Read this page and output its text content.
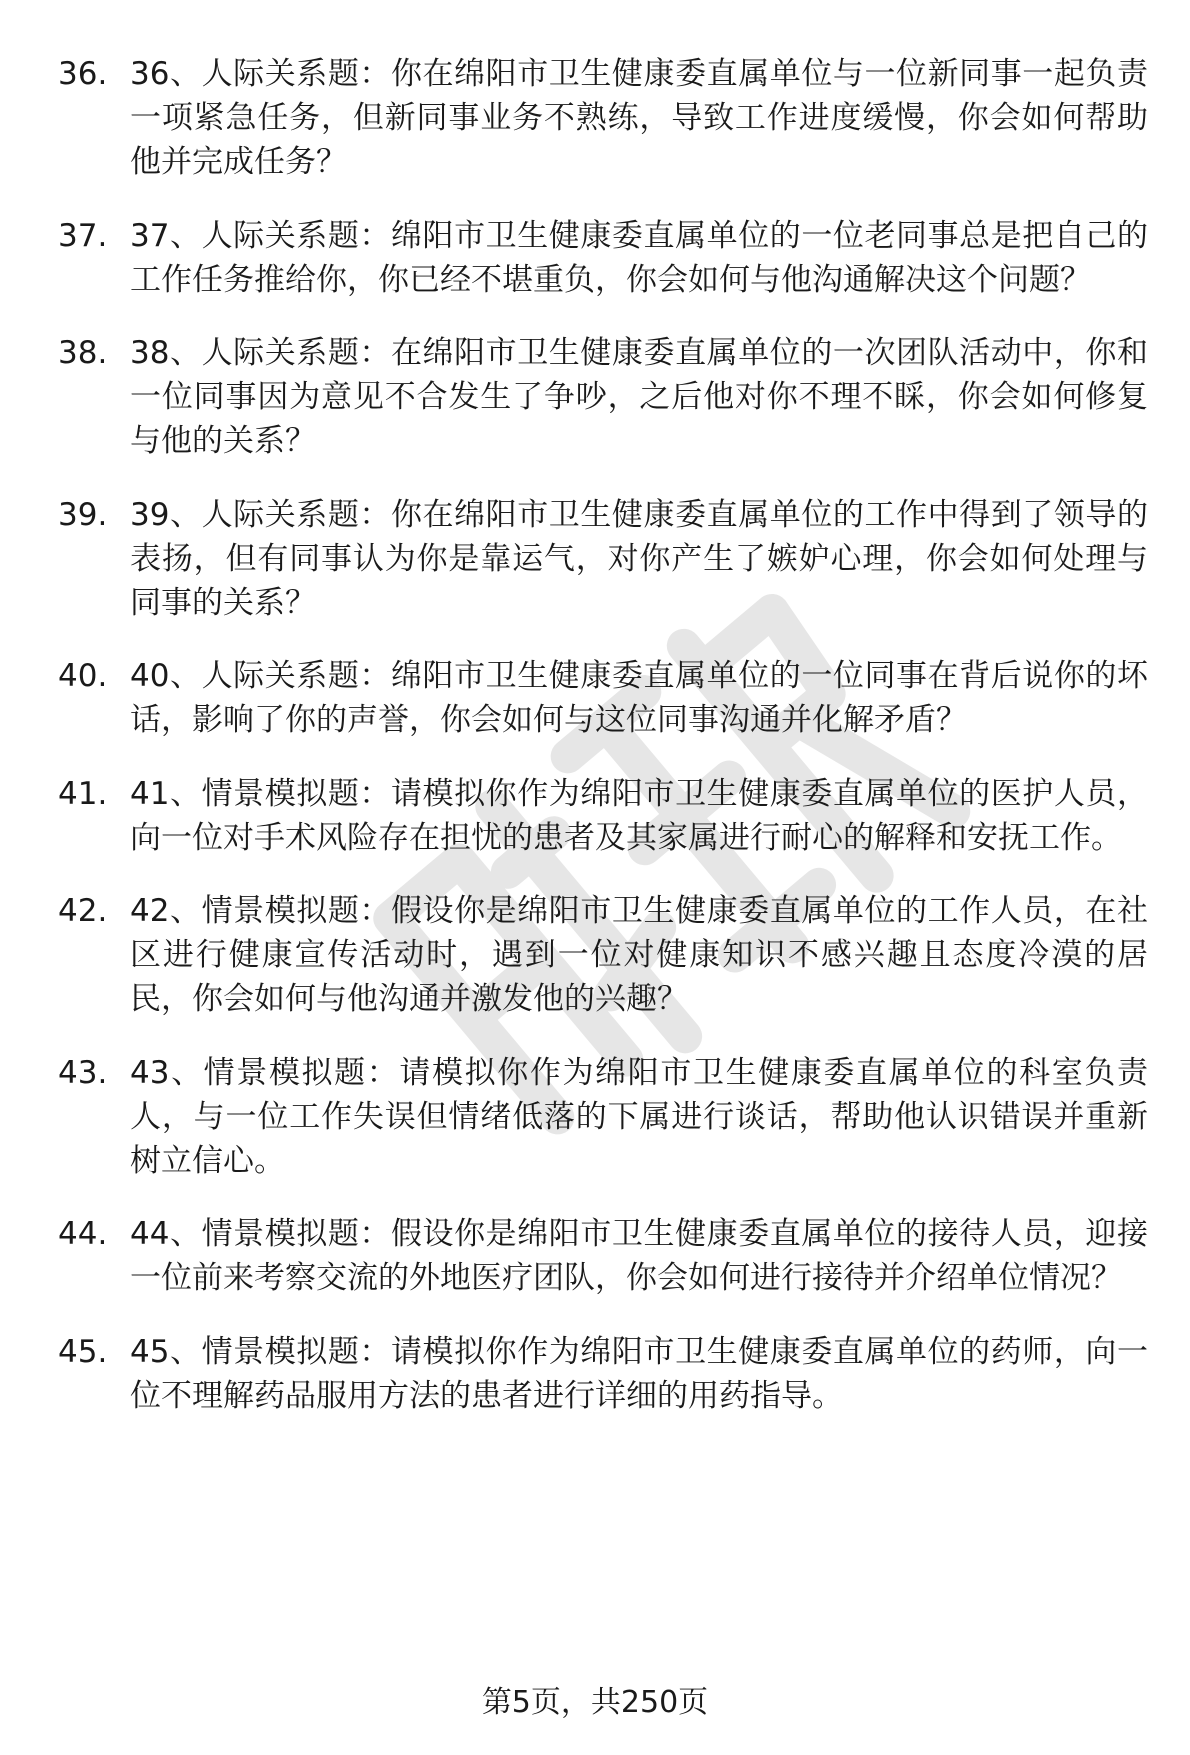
36. 36、人际关系题：你在绵阳市卫生健康委直属单位与一位新同事一起负责一项紧急任务，但新同事业务不熟练，导致工作进度缓慢，你会如何帮助他并完成任务？
37. 37、人际关系题：绵阳市卫生健康委直属单位的一位老同事总是把自己的工作任务推给你，你已经不堪重负，你会如何与他沟通解决这个问题？
38. 38、人际关系题：在绵阳市卫生健康委直属单位的一次团队活动中，你和一位同事因为意见不合发生了争吵，之后他对你不理不睬，你会如何修复与他的关系？
39. 39、人际关系题：你在绵阳市卫生健康委直属单位的工作中得到了领导的表扬，但有同事认为你是靠运气，对你产生了嫉妒心理，你会如何处理与同事的关系？
40. 40、人际关系题：绵阳市卫生健康委直属单位的一位同事在背后说你的坏话，影响了你的声誉，你会如何与这位同事沟通并化解矛盾？
41. 41、情景模拟题：请模拟你作为绵阳市卫生健康委直属单位的医护人员，向一位对手术风险存在担忧的患者及其家属进行耐心的解释和安抚工作。
42. 42、情景模拟题：假设你是绵阳市卫生健康委直属单位的工作人员，在社区进行健康宣传活动时，遇到一位对健康知识不感兴趣且态度冷漠的居民，你会如何与他沟通并激发他的兴趣？
43. 43、情景模拟题：请模拟你作为绵阳市卫生健康委直属单位的科室负责人，与一位工作失误但情绪低落的下属进行谈话，帮助他认识错误并重新树立信心。
44. 44、情景模拟题：假设你是绵阳市卫生健康委直属单位的接待人员，迎接一位前来考察交流的外地医疗团队，你会如何进行接待并介绍单位情况？
45. 45、情景模拟题：请模拟你作为绵阳市卫生健康委直属单位的药师，向一位不理解药品服用方法的患者进行详细的用药指导。
第5页，共250页
